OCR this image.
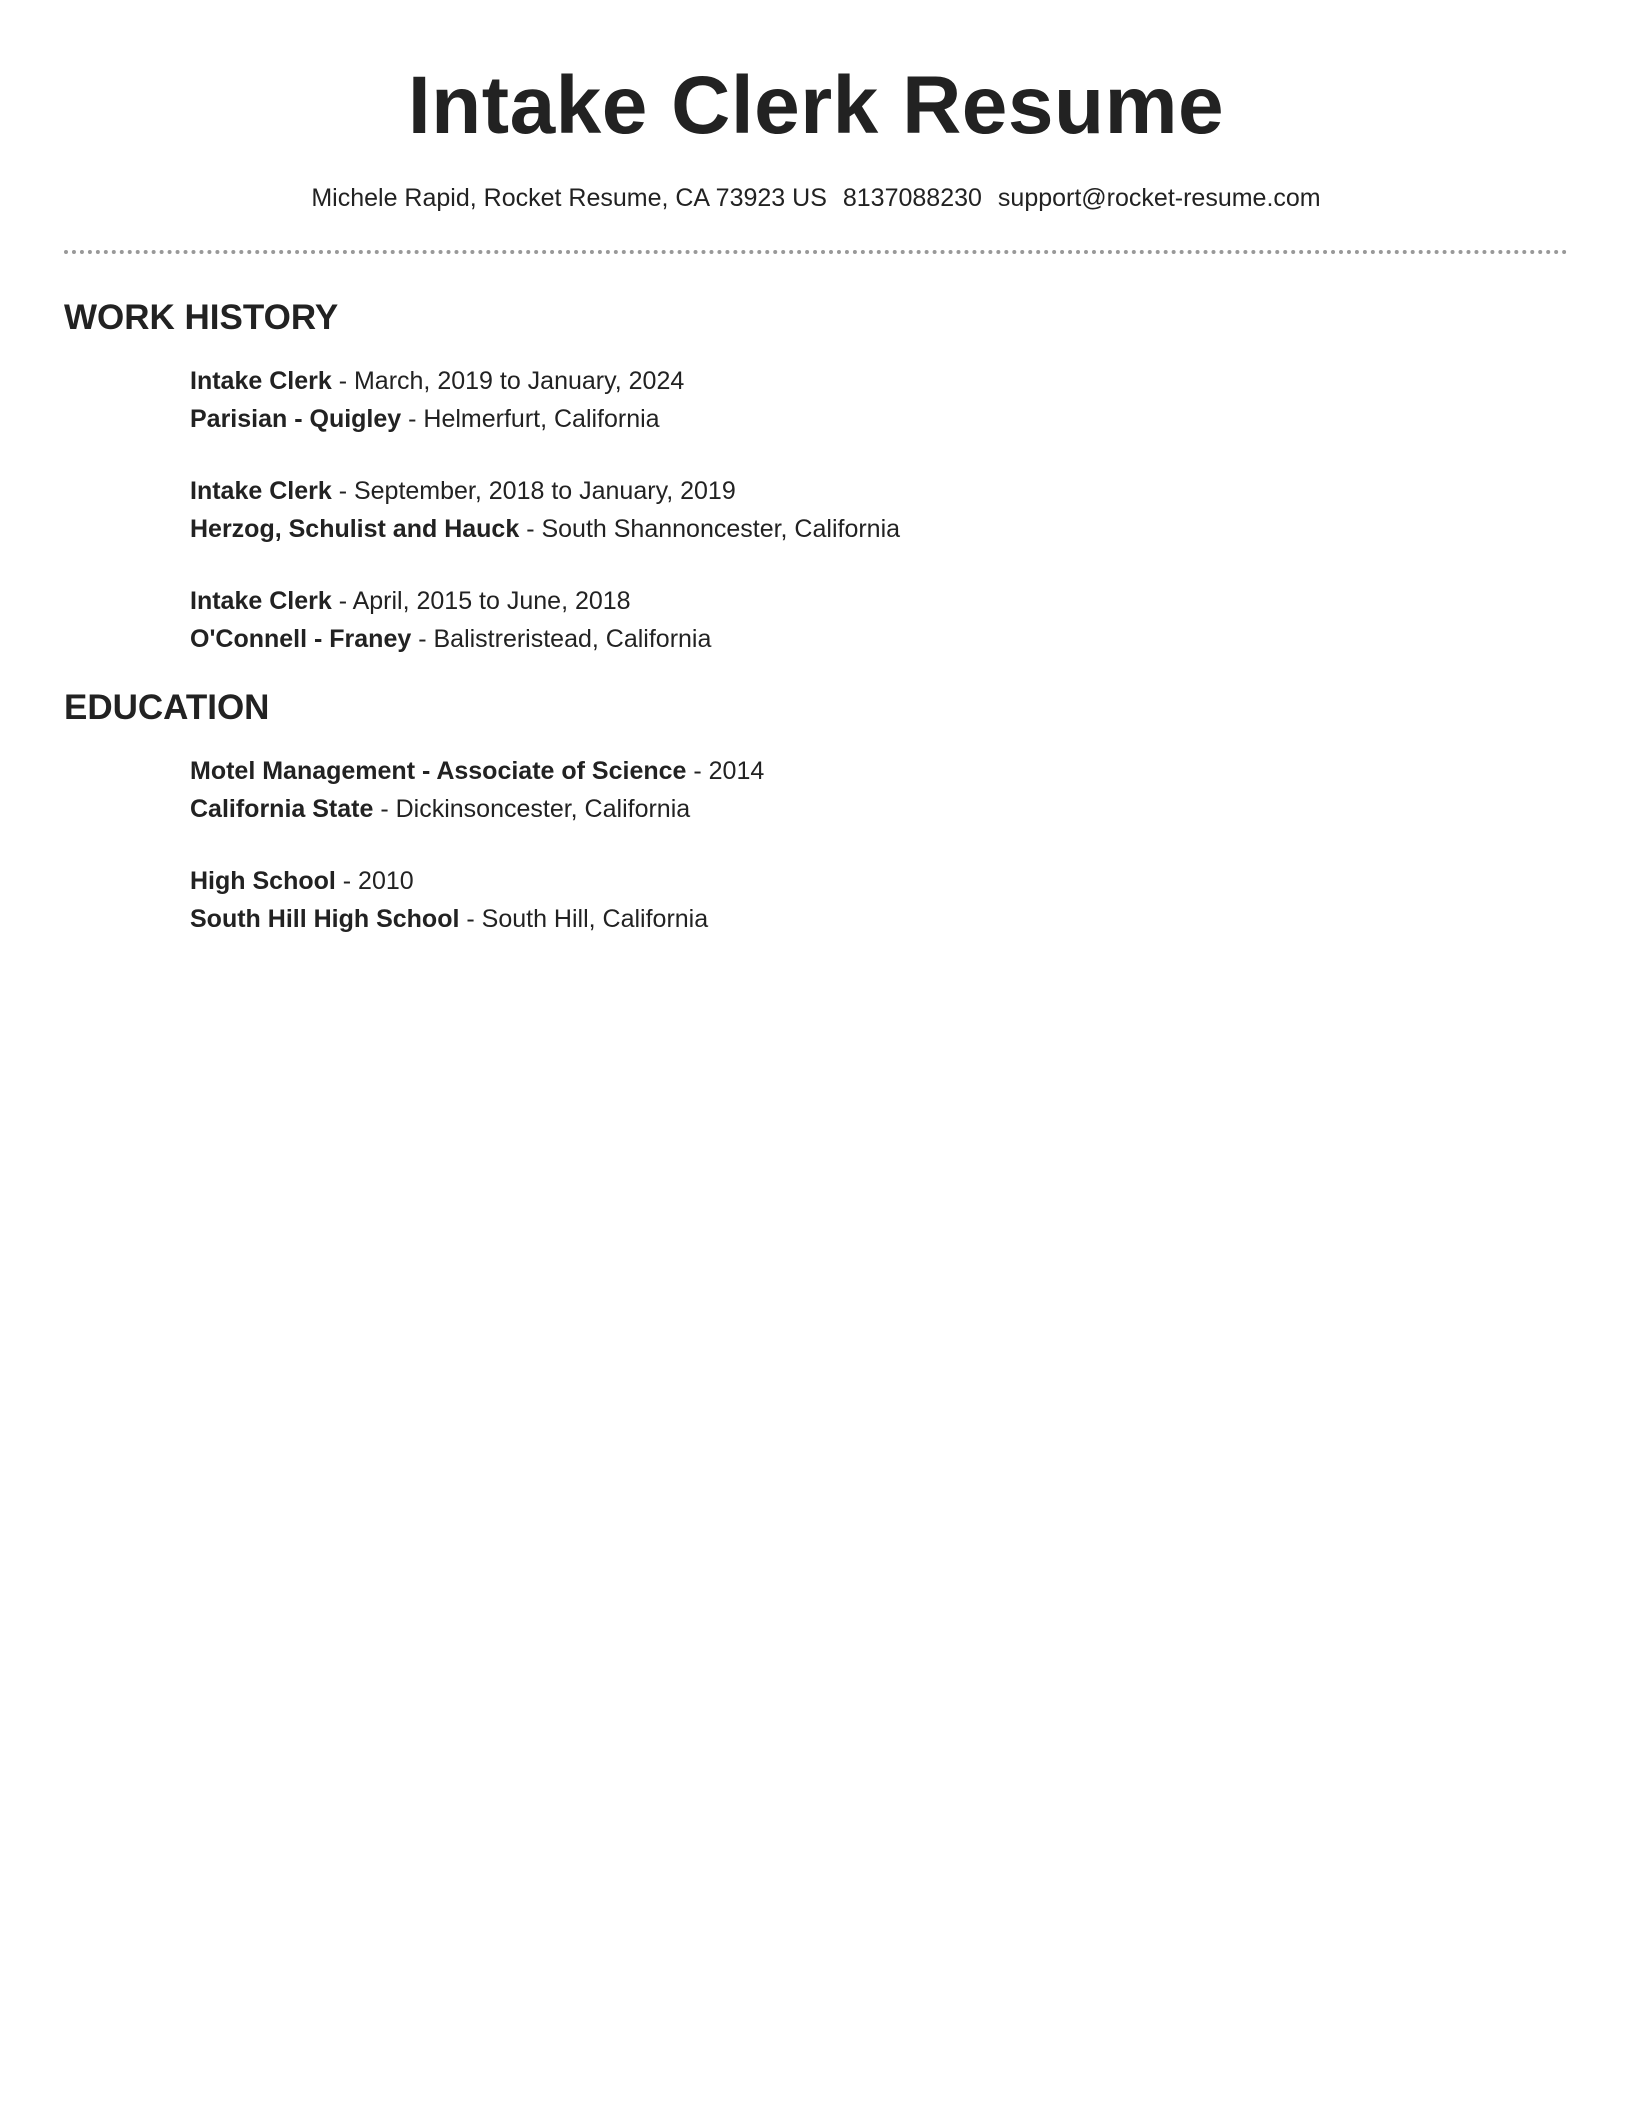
Intake Clerk Resume
Michele Rapid, Rocket Resume, CA 73923 US 8137088230 support@rocket-resume.com
WORK HISTORY
Intake Clerk - March, 2019 to January, 2024
Parisian - Quigley - Helmerfurt, California
Intake Clerk - September, 2018 to January, 2019
Herzog, Schulist and Hauck - South Shannoncester, California
Intake Clerk - April, 2015 to June, 2018
O'Connell - Franey - Balistreristead, California
EDUCATION
Motel Management - Associate of Science - 2014
California State - Dickinsoncester, California
High School - 2010
South Hill High School - South Hill, California
